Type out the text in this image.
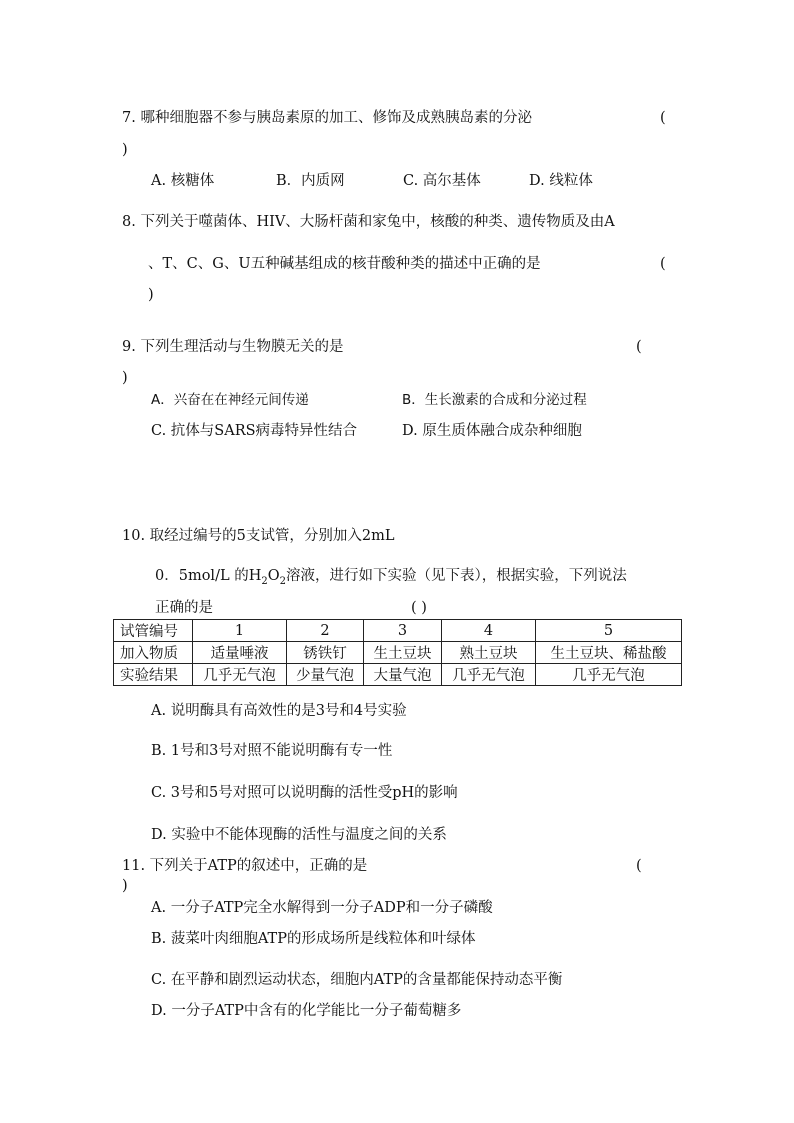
7. 哪种细胞器不参与胰岛素原的加工、修饰及成熟胰岛素的分泌	(
)
A. 核糖体	B．内质网	C. 高尔基体	D. 线粒体
8. 下列关于噬菌体、HIV、大肠杆菌和家兔中，核酸的种类、遗传物质及由A
、T、C、G、U五种碱基组成的核苷酸种类的描述中正确的是	(
)
9. 下列生理活动与生物膜无关的是	(
)
A．兴奋在在神经元间传递	B．生长激素的合成和分泌过程
C. 抗体与SARS病毒特异性结合	D. 原生质体融合成杂种细胞
10. 取经过编号的5支试管，分别加入2mL
0．5mol/L 的$H_2O_2$溶液，进行如下实验（见下表），根据实验，下列说法
正确的是	( )
试管编号	1	2	3	4	5
加入物质	适量唾液	锈铁钉	生土豆块	熟土豆块	生土豆块、稀盐酸
实验结果	几乎无气泡	少量气泡	大量气泡	几乎无气泡	几乎无气泡
A. 说明酶具有高效性的是3号和4号实验
B. 1号和3号对照不能说明酶有专一性
C. 3号和5号对照可以说明酶的活性受pH的影响
D. 实验中不能体现酶的活性与温度之间的关系
11. 下列关于ATP的叙述中，正确的是	(
)
A. 一分子ATP完全水解得到一分子ADP和一分子磷酸
B. 菠菜叶肉细胞ATP的形成场所是线粒体和叶绿体
C. 在平静和剧烈运动状态，细胞内ATP的含量都能保持动态平衡
D. 一分子ATP中含有的化学能比一分子葡萄糖多
